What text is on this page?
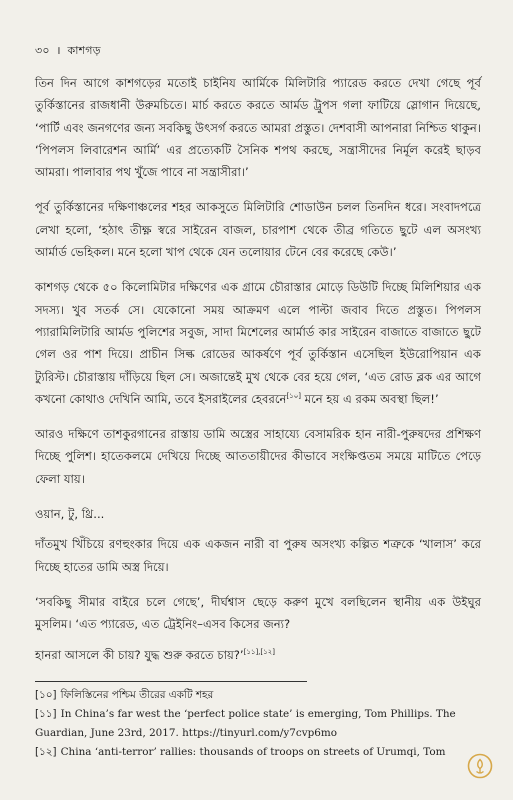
৩০ । কাশগড়

তিন দিন আগে কাশগড়ের মতোই চাইনিয আর্মিকে মিলিটারি প্যারেড করতে দেখা গেছে পূর্ব তুর্কিস্তানের রাজধানী উরুমচিতে। মার্চ করতে করতে আর্মড ট্রুপস গলা ফাটিয়ে স্লোগান দিয়েছে, ‘পার্টি এবং জনগণের জন্য সবকিছু উৎসর্গ করতে আমরা প্রস্তুত। দেশবাসী আপনারা নিশ্চিত থাকুন। ‘পিপলস লিবারেশন আর্মি’ এর প্রত্যেকটি সৈনিক শপথ করছে, সন্ত্রাসীদের নির্মূল করেই ছাড়ব আমরা। পালাবার পথ খুঁজে পাবে না সন্ত্রাসীরা।’

পূর্ব তুর্কিস্তানের দক্ষিণাঞ্চলের শহর আকসুতে মিলিটারি শোডাউন চলল তিনদিন ধরে। সংবাদপত্রে লেখা হলো, ‘হঠাৎ তীক্ষ্ণ স্বরে সাইরেন বাজল, চারপাশ থেকে তীব্র গতিতে ছুটে এল অসংখ্য আর্মার্ড ভেহিকল। মনে হলো খাপ থেকে যেন তলোয়ার টেনে বের করেছে কেউ।’

কাশগড় থেকে ৫০ কিলোমিটার দক্ষিণের এক গ্রামে চৌরাস্তার মোড়ে ডিউটি দিচ্ছে মিলিশিয়ার এক সদস্য। খুব সতর্ক সে। যেকোনো সময় আক্রমণ এলে পাল্টা জবাব দিতে প্রস্তুত। পিপলস প্যারামিলিটারি আর্মড পুলিশের সবুজ, সাদা মিশেলের আর্মার্ড কার সাইরেন বাজাতে বাজাতে ছুটে গেল ওর পাশ দিয়ে। প্রাচীন সিল্ক রোডের আকর্ষণে পূর্ব তুর্কিস্তান এসেছিল ইউরোপিয়ান এক ট্যুরিস্ট। চৌরাস্তায় দাঁড়িয়ে ছিল সে। অজান্তেই মুখ থেকে বের হয়ে গেল, ‘এত রোড ব্লক এর আগে কখনো কোথাও দেখিনি আমি, তবে ইসরাইলের হেবরনে[১০] মনে হয় এ রকম অবস্থা ছিল!’

আরও দক্ষিণে তাশকুরগানের রাস্তায় ডামি অস্ত্রের সাহায্যে বেসামরিক হান নারী-পুরুষদের প্রশিক্ষণ দিচ্ছে পুলিশ। হাতেকলমে দেখিয়ে দিচ্ছে আততায়ীদের কীভাবে সংক্ষিপ্ততম সময়ে মাটিতে পেড়ে ফেলা যায়।

ওয়ান, টু, থ্রি...

দাঁতমুখ খিঁচিয়ে রণহুংকার দিয়ে এক একজন নারী বা পুরুষ অসংখ্য কল্পিত শত্রুকে ‘খালাস’ করে দিচ্ছে হাতের ডামি অস্ত্র দিয়ে।

‘সবকিছু সীমার বাইরে চলে গেছে’, দীর্ঘশ্বাস ছেড়ে করুণ মুখে বলছিলেন স্থানীয় এক উইঘুর মুসলিম। ‘এত প্যারেড, এত ট্রেইনিং–এসব কিসের জন্য?

হানরা আসলে কী চায়? যুদ্ধ শুরু করতে চায়?’[১১],[১২]

[১০] ফিলিস্তিনের পশ্চিম তীরের একটি শহর

[১১] In China’s far west the ‘perfect police state’ is emerging, Tom Phillips. The Guardian, June 23rd, 2017. https://tinyurl.com/y7cvp6mo

[১২] China ‘anti-terror’ rallies: thousands of troops on streets of Urumqi, Tom
